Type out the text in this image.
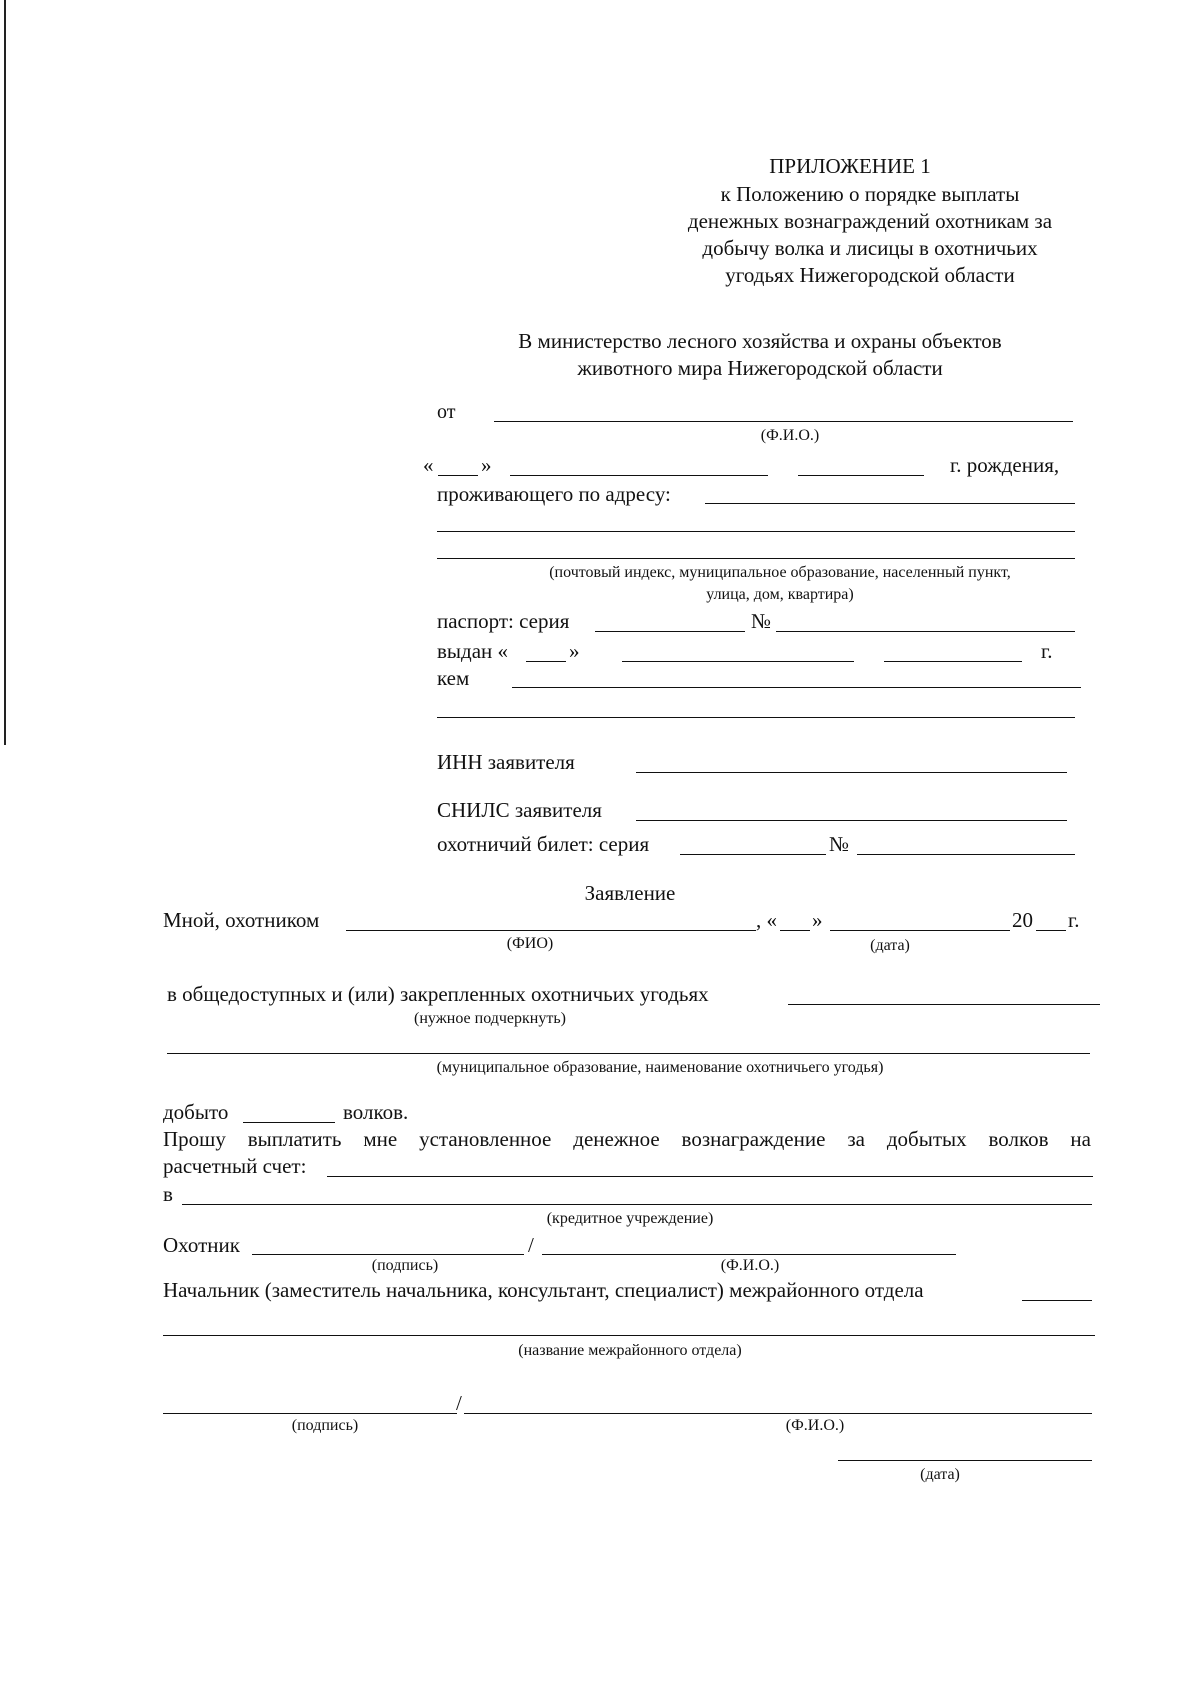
ПРИЛОЖЕНИЕ 1
к Положению о порядке выплаты
денежных вознаграждений охотникам за
добычу волка и лисицы в охотничьих
угодьях Нижегородской области
В министерство лесного хозяйства и охраны объектов
животного мира Нижегородской области
от
(Ф.И.О.)
« »	г. рождения,
проживающего по адресу:
(почтовый индекс, муниципальное образование, населенный пункт,
улица, дом, квартира)
паспорт: серия	№
выдан «	»	г.
кем
ИНН заявителя
СНИЛС заявителя
охотничий билет: серия	№
Заявление
Мной, охотником	, « »	20 г.
(ФИО)	(дата)
в общедоступных и (или) закрепленных охотничьих угодьях
(нужное подчеркнуть)
(муниципальное образование, наименование охотничьего угодья)
добыто	волков.
Прошу выплатить мне установленное денежное вознаграждение за добытых волков на
расчетный счет:
в
(кредитное учреждение)
Охотник	/
(подпись)	(Ф.И.О.)
Начальник (заместитель начальника, консультант, специалист) межрайонного отдела
(название межрайонного отдела)
/
(подпись)	(Ф.И.О.)
(дата)
